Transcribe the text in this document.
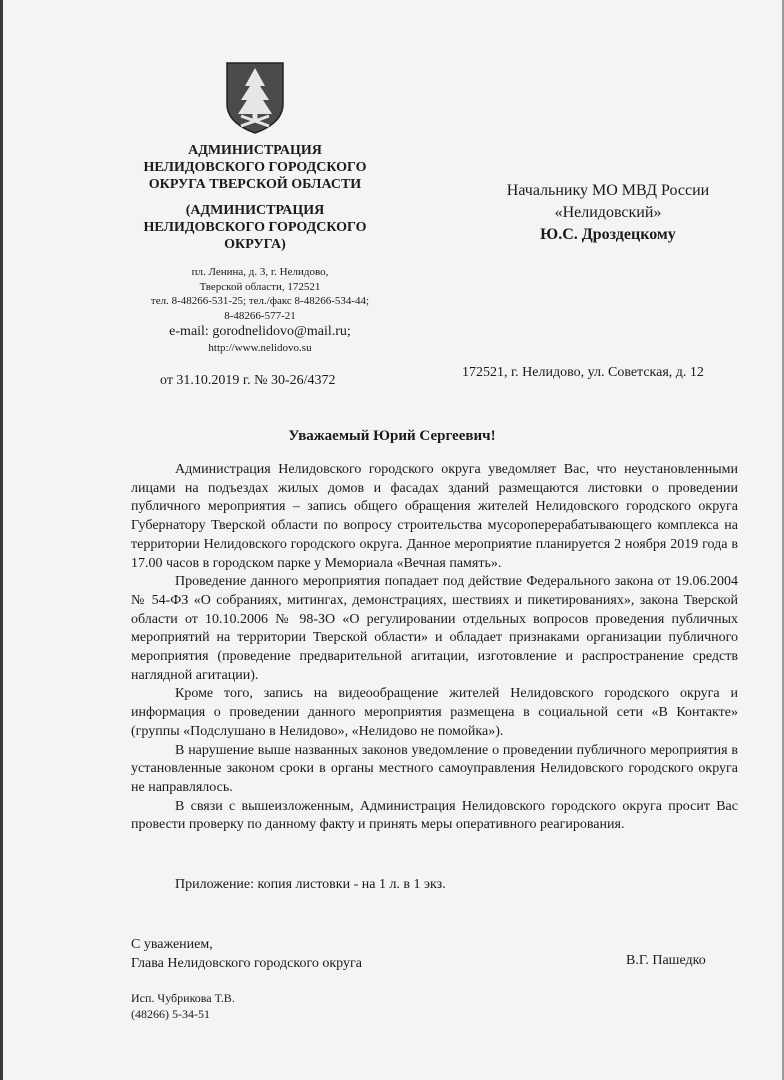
АДМИНИСТРАЦИЯ
НЕЛИДОВСКОГО ГОРОДСКОГО
ОКРУГА ТВЕРСКОЙ ОБЛАСТИ
(АДМИНИСТРАЦИЯ
НЕЛИДОВСКОГО ГОРОДСКОГО
ОКРУГА)
пл. Ленина, д. 3, г. Нелидово,
Тверской области, 172521
тел. 8-48266-531-25; тел./факс 8-48266-534-44;
8-48266-577-21
e-mail: gorodnelidovo@mail.ru;
http://www.nelidovo.su
от 31.10.2019 г. № 30-26/4372
Начальнику МО МВД России
«Нелидовский»
Ю.С. Дроздецкому
172521, г. Нелидово, ул. Советская, д. 12
Уважаемый Юрий Сергеевич!

Администрация Нелидовского городского округа уведомляет Вас, что неустановленными лицами на подъездах жилых домов и фасадах зданий размещаются листовки о проведении публичного мероприятия – запись общего обращения жителей Нелидовского городского округа Губернатору Тверской области по вопросу строительства мусороперерабатывающего комплекса на территории Нелидовского городского округа. Данное мероприятие планируется 2 ноября 2019 года в 17.00 часов в городском парке у Мемориала «Вечная память».

Проведение данного мероприятия попадает под действие Федерального закона от 19.06.2004 № 54-ФЗ «О собраниях, митингах, демонстрациях, шествиях и пикетированиях», закона Тверской области от 10.10.2006 № 98-ЗО «О регулировании отдельных вопросов проведения публичных мероприятий на территории Тверской области» и обладает признаками организации публичного мероприятия (проведение предварительной агитации, изготовление и распространение средств наглядной агитации).

Кроме того, запись на видеообращение жителей Нелидовского городского округа и информация о проведении данного мероприятия размещена в социальной сети «В Контакте» (группы «Подслушано в Нелидово», «Нелидово не помойка»).

В нарушение выше названных законов уведомление о проведении публичного мероприятия в установленные законом сроки в органы местного самоуправления Нелидовского городского округа не направлялось.

В связи с вышеизложенным, Администрация Нелидовского городского округа просит Вас провести проверку по данному факту и принять меры оперативного реагирования.

Приложение: копия листовки - на 1 л. в 1 экз.
С уважением,
Глава Нелидовского городского округа	В.Г. Пашедко
Исп. Чубрикова Т.В.
(48266) 5-34-51
